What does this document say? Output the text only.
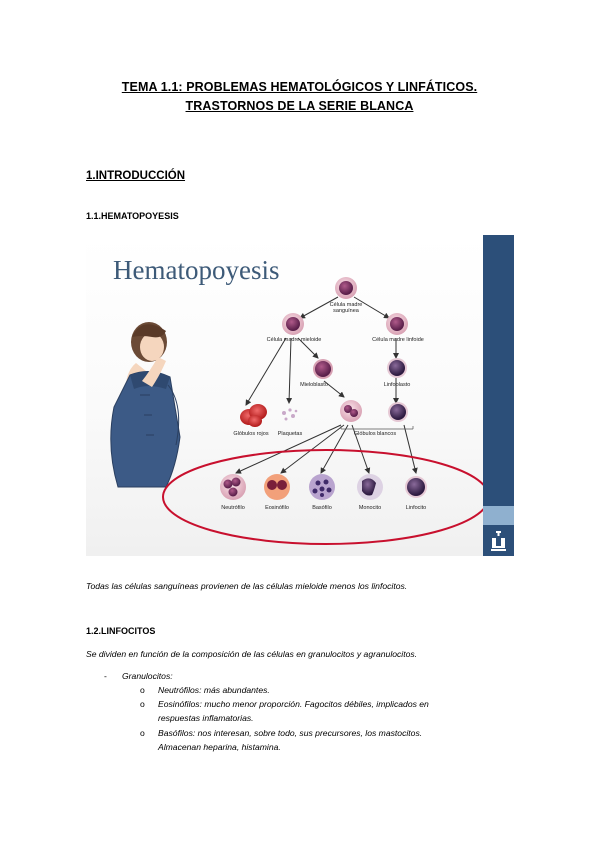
TEMA 1.1: PROBLEMAS HEMATOLÓGICOS Y LINFÁTICOS.
TRASTORNOS DE LA SERIE BLANCA
1.INTRODUCCIÓN
1.1.HEMATOPOYESIS
Hematopoyesis
Célula madre
sanguínea
Célula madre mieloide	Célula madre linfoide
Mieloblasto	Linfoblasto
Glóbulos rojos	Plaquetas	Glóbulos blancos
Neutrófilo	Eosinófilo	Basófilo	Monocito	Linfocito
Todas las células sanguíneas provienen de las células mieloide menos los linfocitos.
1.2.LINFOCITOS
Se dividen en función de la composición de las células en granulocitos y agranulocitos.
- Granulocitos:
o Neutrófilos: más abundantes.
o Eosinófilos: mucho menor proporción. Fagocitos débiles, implicados en
respuestas inflamatorias.
o Basófilos: nos interesan, sobre todo, sus precursores, los mastocitos.
Almacenan heparina, histamina.
